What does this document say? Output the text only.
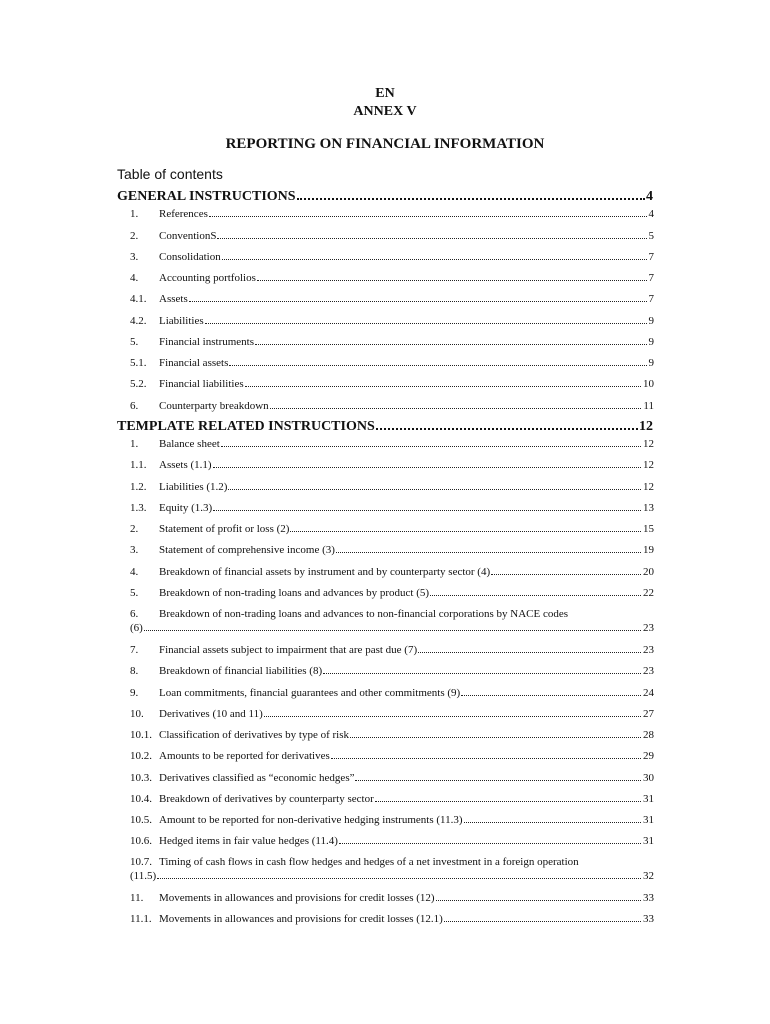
EN
ANNEX V
REPORTING ON FINANCIAL INFORMATION
Table of contents
GENERAL INSTRUCTIONS	4
1.	References	4
2.	ConventionS	5
3.	Consolidation	7
4.	Accounting portfolios	7
4.1.	Assets	7
4.2.	Liabilities	9
5.	Financial instruments	9
5.1.	Financial assets	9
5.2.	Financial liabilities	10
6.	Counterparty breakdown	11
TEMPLATE RELATED INSTRUCTIONS	12
1.	Balance sheet	12
1.1.	Assets (1.1)	12
1.2.	Liabilities (1.2)	12
1.3.	Equity (1.3)	13
2.	Statement of profit or loss (2)	15
3.	Statement of comprehensive income (3)	19
4.	Breakdown of financial assets by instrument and by counterparty sector (4)	20
5.	Breakdown of non-trading loans and advances by product (5)	22
6. Breakdown of non-trading loans and advances to non-financial corporations by NACE codes
(6)	23
7.	Financial assets subject to impairment that are past due (7)	23
8.	Breakdown of financial liabilities (8)	23
9.	Loan commitments, financial guarantees and other commitments (9)	24
10.	Derivatives (10 and 11)	27
10.1. Classification of derivatives by type of risk	28
10.2. Amounts to be reported for derivatives	29
10.3. Derivatives classified as “economic hedges”	30
10.4. Breakdown of derivatives by counterparty sector	31
10.5. Amount to be reported for non-derivative hedging instruments (11.3)	31
10.6. Hedged items in fair value hedges (11.4)	31
10.7. Timing of cash flows in cash flow hedges and hedges of a net investment in a foreign operation
(11.5)	32
11.	Movements in allowances and provisions for credit losses (12)	33
11.1. Movements in allowances and provisions for credit losses (12.1)	33
